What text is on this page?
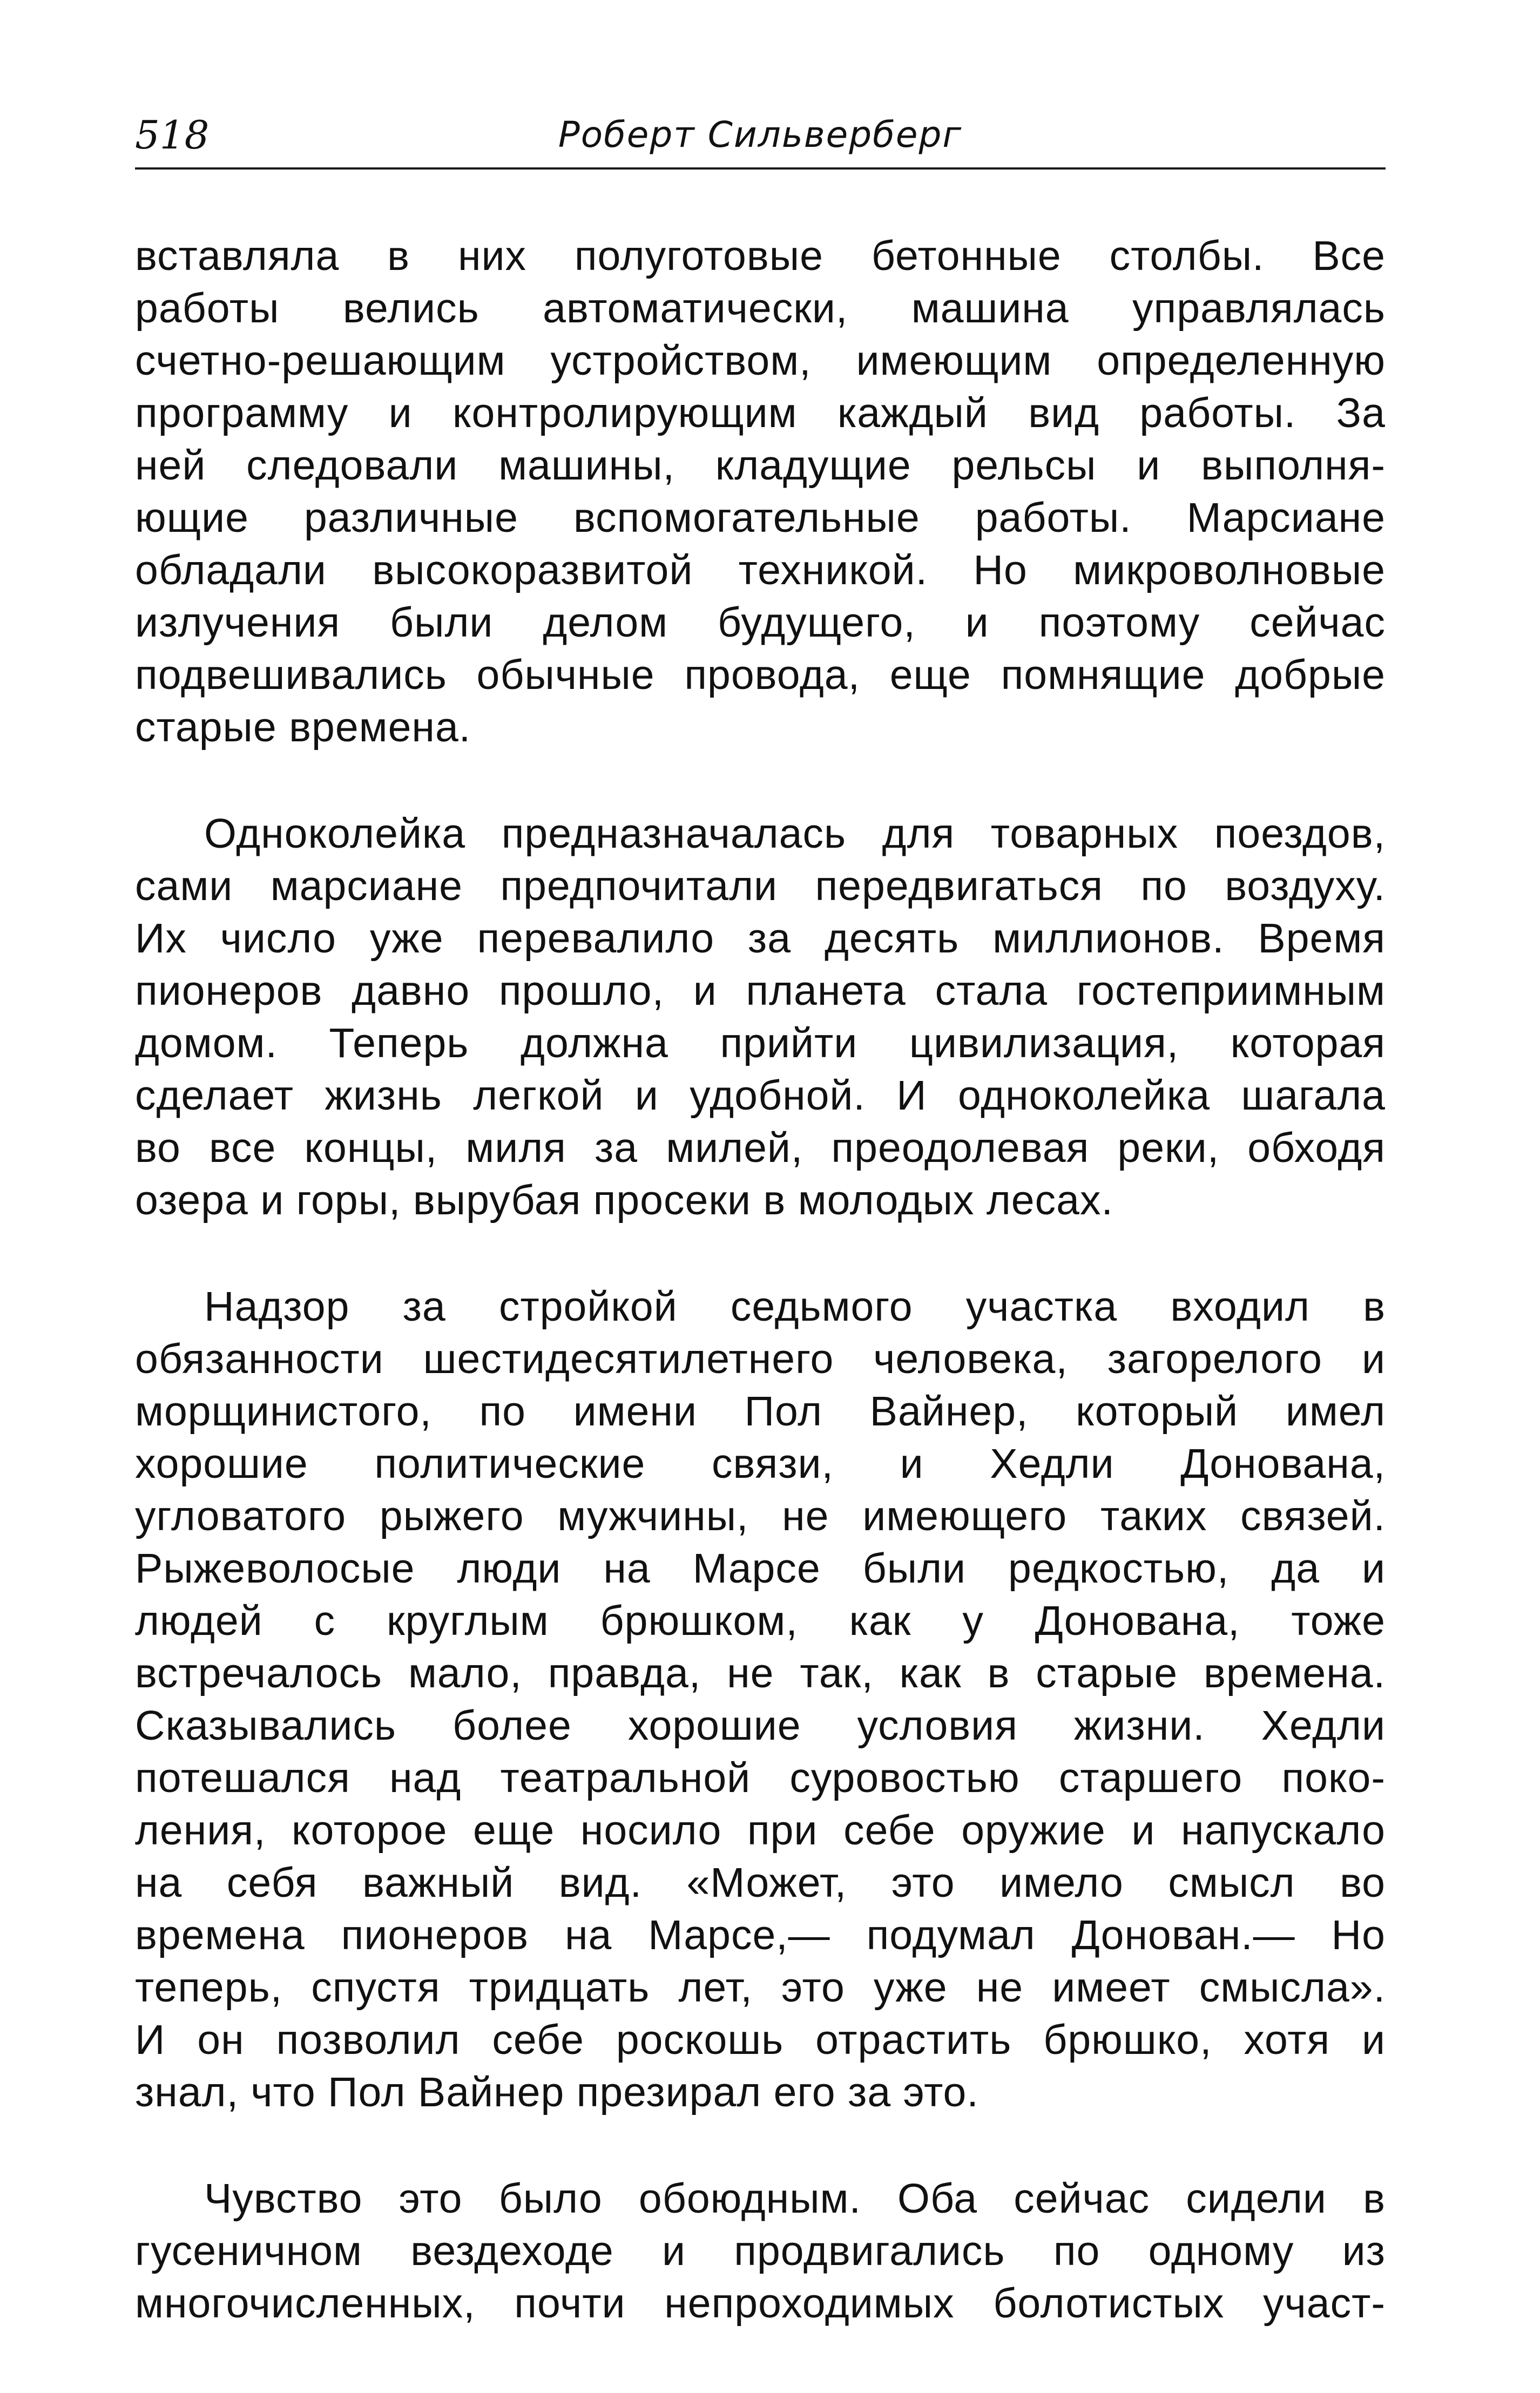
518	Роберт Сильверберг
вставляла в них полуготовые бетонные столбы. Все
работы велись автоматически, машина управлялась
счетно-решающим устройством, имеющим определенную
программу и контролирующим каждый вид работы. За
ней следовали машины, кладущие рельсы и выполня-
ющие различные вспомогательные работы. Марсиане
обладали высокоразвитой техникой. Но микроволновые
излучения были делом будущего, и поэтому сейчас
подвешивались обычные провода, еще помнящие добрые
старые времена.
Одноколейка предназначалась для товарных поездов,
сами марсиане предпочитали передвигаться по воздуху.
Их число уже перевалило за десять миллионов. Время
пионеров давно прошло, и планета стала гостеприимным
домом. Теперь должна прийти цивилизация, которая
сделает жизнь легкой и удобной. И одноколейка шагала
во все концы, миля за милей, преодолевая реки, обходя
озера и горы, вырубая просеки в молодых лесах.
Надзор за стройкой седьмого участка входил в
обязанности шестидесятилетнего человека, загорелого и
морщинистого, по имени Пол Вайнер, который имел
хорошие политические связи, и Хедли Донована,
угловатого рыжего мужчины, не имеющего таких связей.
Рыжеволосые люди на Марсе были редкостью, да и
людей с круглым брюшком, как у Донована, тоже
встречалось мало, правда, не так, как в старые времена.
Сказывались более хорошие условия жизни. Хедли
потешался над театральной суровостью старшего поко-
ления, которое еще носило при себе оружие и напускало
на себя важный вид. «Может, это имело смысл во
времена пионеров на Марсе,— подумал Донован.— Но
теперь, спустя тридцать лет, это уже не имеет смысла».
И он позволил себе роскошь отрастить брюшко, хотя и
знал, что Пол Вайнер презирал его за это.
Чувство это было обоюдным. Оба сейчас сидели в
гусеничном вездеходе и продвигались по одному из
многочисленных, почти непроходимых болотистых участ-
